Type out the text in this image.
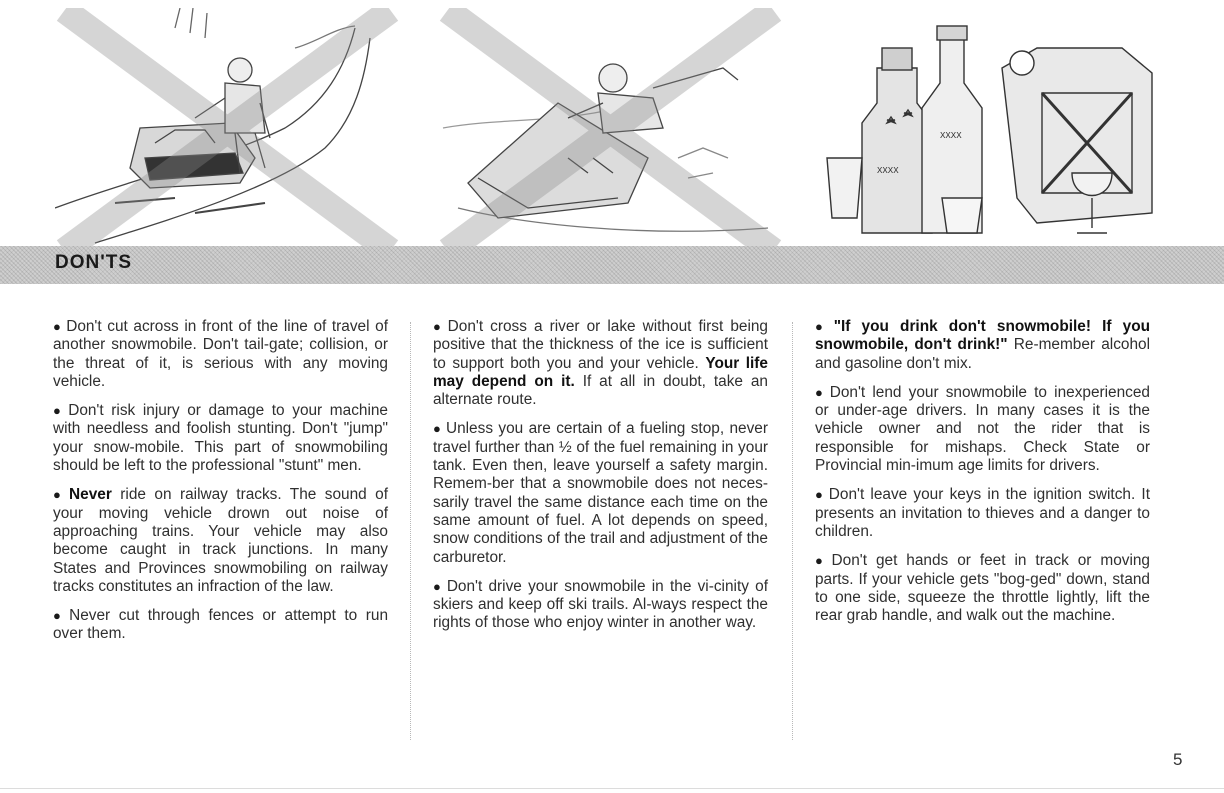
XXXX
XXXX
DON'TS

● Don't cut across in front of the line of travel of another snowmobile. Don't tail-gate; collision, or the threat of it, is serious with any moving vehicle.

● Don't risk injury or damage to your machine with needless and foolish stunting. Don't "jump" your snow-mobile. This part of snowmobiling should be left to the professional "stunt" men.

● Never ride on railway tracks. The sound of your moving vehicle drown out noise of approaching trains. Your vehicle may also become caught in track junctions. In many States and Provinces snowmobiling on railway tracks constitutes an infraction of the law.

● Never cut through fences or attempt to run over them.

● Don't cross a river or lake without first being positive that the thickness of the ice is sufficient to support both you and your vehicle. Your life may depend on it. If at all in doubt, take an alternate route.

● Unless you are certain of a fueling stop, never travel further than ½ of the fuel remaining in your tank. Even then, leave yourself a safety margin. Remem-ber that a snowmobile does not neces-sarily travel the same distance each time on the same amount of fuel. A lot depends on speed, snow conditions of the trail and adjustment of the carburetor.

● Don't drive your snowmobile in the vi-cinity of skiers and keep off ski trails. Al-ways respect the rights of those who enjoy winter in another way.

● "If you drink don't snowmobile! If you snowmobile, don't drink!" Re-member alcohol and gasoline don't mix.

● Don't lend your snowmobile to inexperienced or under-age drivers. In many cases it is the vehicle owner and not the rider that is responsible for mishaps. Check State or Provincial min-imum age limits for drivers.

● Don't leave your keys in the ignition switch. It presents an invitation to thieves and a danger to children.

● Don't get hands or feet in track or moving parts. If your vehicle gets "bog-ged" down, stand to one side, squeeze the throttle lightly, lift the rear grab handle, and walk out the machine.

5
